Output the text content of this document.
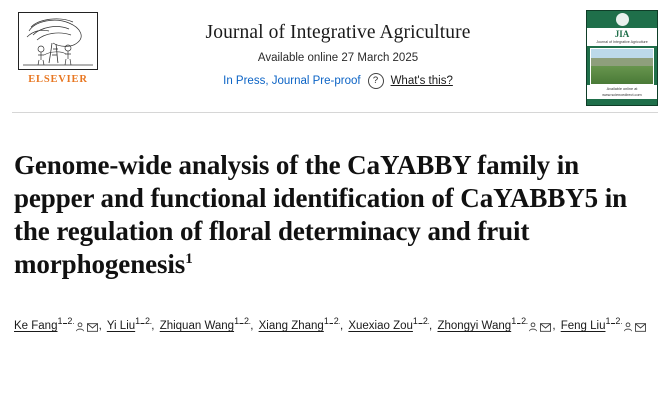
ELSEVIER
Journal of Integrative Agriculture
Available online 27 March 2025
In Press, Journal Pre-proof	?	What's this?
JIA
Journal of Integrative Agriculture
Available online at www.sciencedirect.com
Genome-wide analysis of the CaYABBY family in pepper and functional identification of CaYABBY5 in the regulation of floral determinacy and fruit morphogenesis$^1$
Ke Fang$^{1 2}$ , Yi Liu$^{1 2}$, Zhiquan Wang$^{1 2}$, Xiang Zhang$^{1 2}$, Xuexiao Zou$^{1 2}$, Zhongyi Wang$^{1 2}$ , Feng Liu$^{1 2}$
